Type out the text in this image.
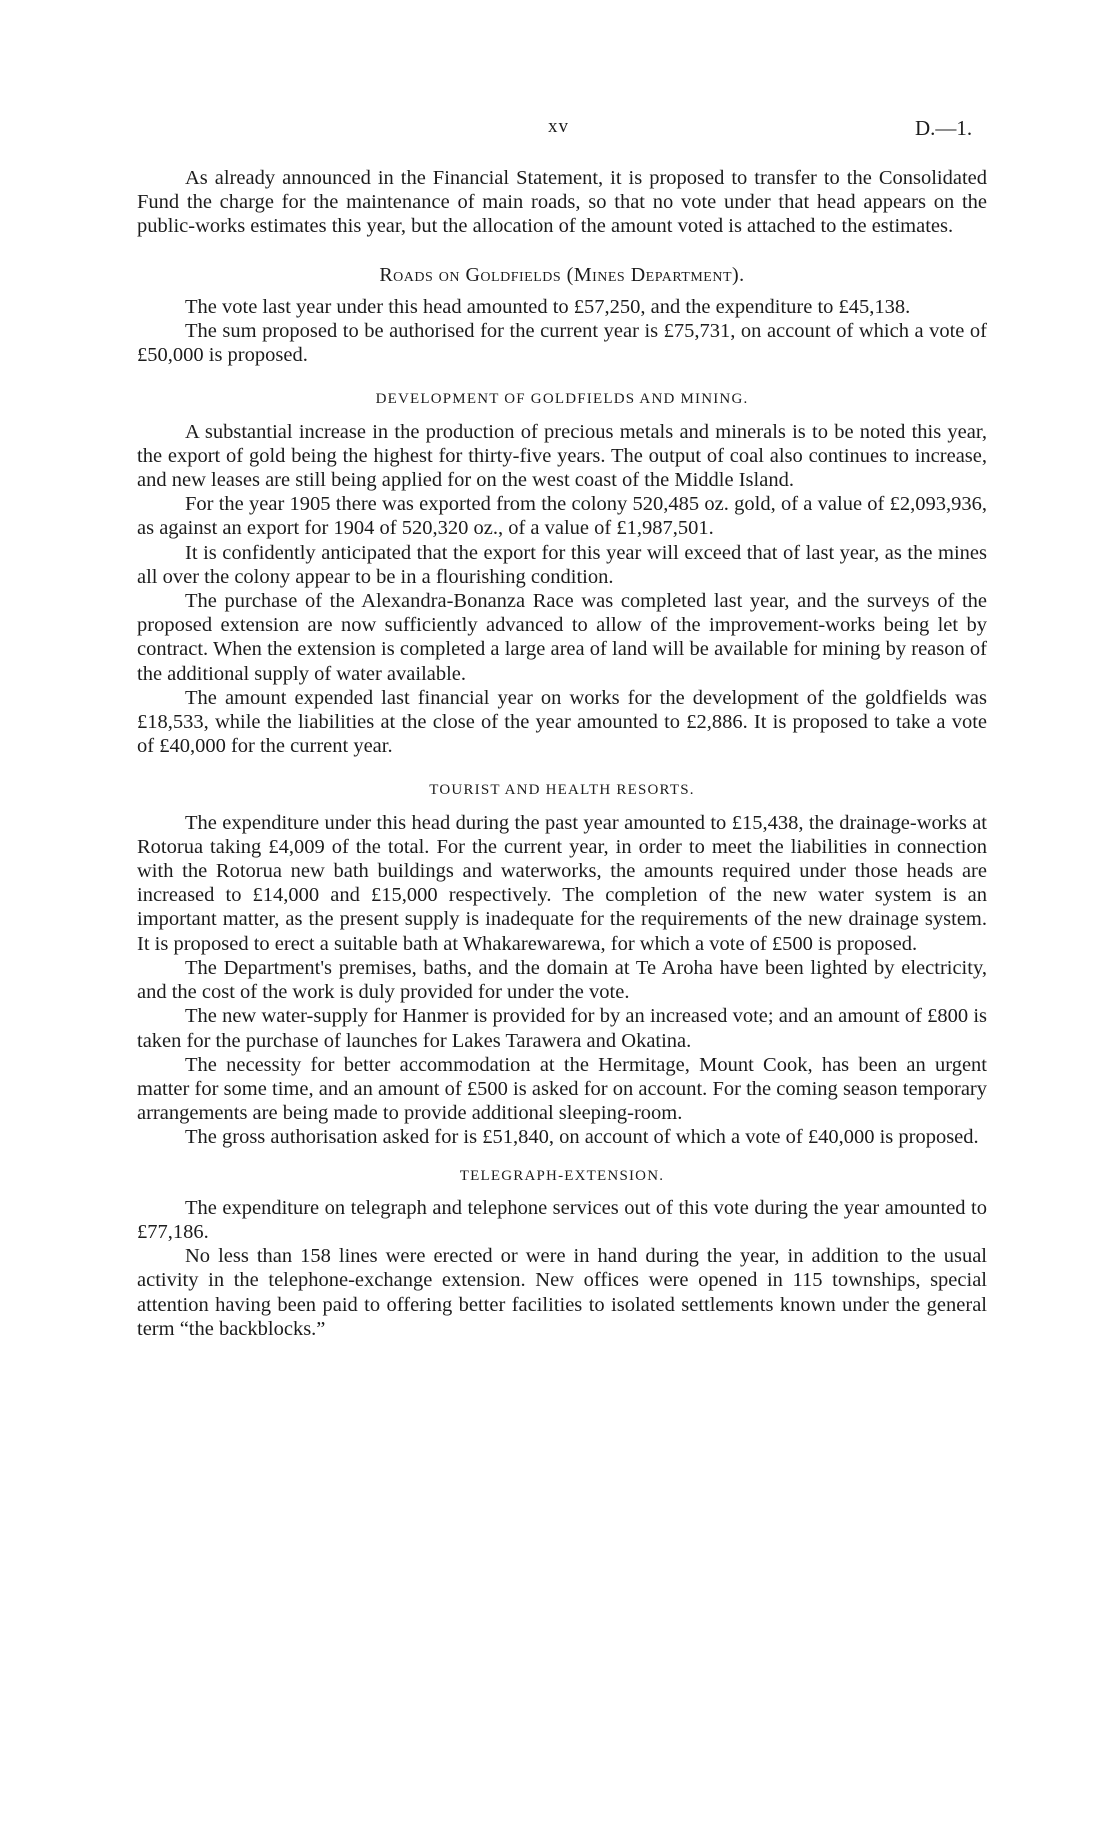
xv	D.—1.

As already announced in the Financial Statement, it is proposed to transfer to the Consolidated Fund the charge for the maintenance of main roads, so that no vote under that head appears on the public-works estimates this year, but the allocation of the amount voted is attached to the estimates.

Roads on Goldfields (Mines Department).

The vote last year under this head amounted to £57,250, and the expenditure to £45,138.

The sum proposed to be authorised for the current year is £75,731, on account of which a vote of £50,000 is proposed.

DEVELOPMENT OF GOLDFIELDS AND MINING.

A substantial increase in the production of precious metals and minerals is to be noted this year, the export of gold being the highest for thirty-five years. The output of coal also continues to increase, and new leases are still being applied for on the west coast of the Middle Island.

For the year 1905 there was exported from the colony 520,485 oz. gold, of a value of £2,093,936, as against an export for 1904 of 520,320 oz., of a value of £1,987,501.

It is confidently anticipated that the export for this year will exceed that of last year, as the mines all over the colony appear to be in a flourishing condition.

The purchase of the Alexandra-Bonanza Race was completed last year, and the surveys of the proposed extension are now sufficiently advanced to allow of the improvement-works being let by contract. When the extension is completed a large area of land will be available for mining by reason of the additional supply of water available.

The amount expended last financial year on works for the development of the goldfields was £18,533, while the liabilities at the close of the year amounted to £2,886. It is proposed to take a vote of £40,000 for the current year.

TOURIST AND HEALTH RESORTS.

The expenditure under this head during the past year amounted to £15,438, the drainage-works at Rotorua taking £4,009 of the total. For the current year, in order to meet the liabilities in connection with the Rotorua new bath buildings and waterworks, the amounts required under those heads are increased to £14,000 and £15,000 respectively. The completion of the new water system is an important matter, as the present supply is inadequate for the requirements of the new drainage system. It is proposed to erect a suitable bath at Whakarewarewa, for which a vote of £500 is proposed.

The Department's premises, baths, and the domain at Te Aroha have been lighted by electricity, and the cost of the work is duly provided for under the vote.

The new water-supply for Hanmer is provided for by an increased vote; and an amount of £800 is taken for the purchase of launches for Lakes Tarawera and Okatina.

The necessity for better accommodation at the Hermitage, Mount Cook, has been an urgent matter for some time, and an amount of £500 is asked for on account. For the coming season temporary arrangements are being made to provide additional sleeping-room.

The gross authorisation asked for is £51,840, on account of which a vote of £40,000 is proposed.

TELEGRAPH-EXTENSION.

The expenditure on telegraph and telephone services out of this vote during the year amounted to £77,186.

No less than 158 lines were erected or were in hand during the year, in addition to the usual activity in the telephone-exchange extension. New offices were opened in 115 townships, special attention having been paid to offering better facilities to isolated settlements known under the general term “the backblocks.”
